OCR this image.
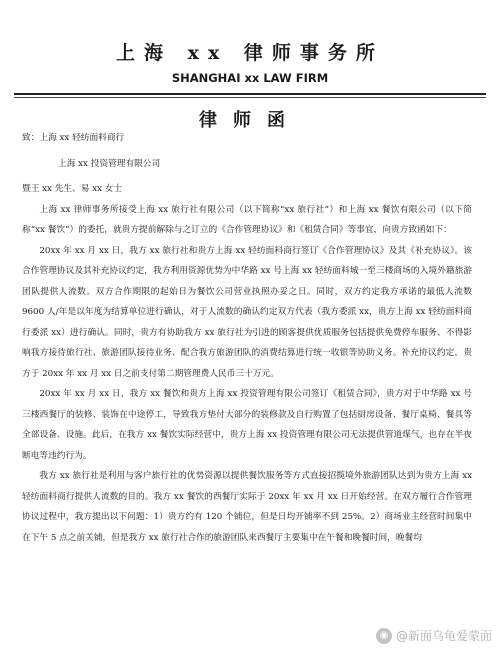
上海 xx 律师事务所
SHANGHAI xx LAW FIRM
律师函

致：上海 xx 轻纺面料商行

上海 xx 投资管理有限公司

暨王 xx 先生、易 xx 女士

上海 xx 律师事务所接受上海 xx 旅行社有限公司（以下简称“xx 旅行社”）和上海 xx 餐饮有限公司（以下简称“xx 餐饮”）的委托，就贵方提前解除与之订立的《合作管理协议》和《租赁合同》等事宜，向贵方致函如下：

20xx 年 xx 月 xx 日，我方 xx 旅行社和贵方上海 xx 轻纺面料商行签订《合作管理协议》及其《补充协议》。该合作管理协议及其补充协议约定，我方利用资源优势为中华路 xx 号上海 xx 轻纺面料城一至三楼商场的入境外籍旅游团队提供人流数。双方合作期限的起始日为餐饮公司营业执照办妥之日。同时，双方约定我方承诺的最低人流数 9600 人/年是以年度为结算单位进行确认，对于人流数的确认约定双方代表（我方委派 xx，贵方上海 xx 轻纺面料商行委派 xx）进行确认。同时，贵方有协助我方 xx 旅行社为引进的顾客提供优质服务包括提供免费停车服务、不得影响我方接待旅行社、旅游团队接待业务、配合我方旅游团队的消费结算进行统一收银等协助义务。补充协议约定，贵方于 20xx 年 xx 月 xx 日之前支付第二期管理费人民币三十万元。

20xx 年 xx 月 xx 日，我方 xx 餐饮和贵方上海 xx 投资管理有限公司签订《租赁合同》，贵方对于中华路 xx 号三楼西餐厅的装修、装饰在中途停工，导致我方垫付大部分的装修款及自行购置了包括厨房设备、餐厅桌椅、餐具等全部设备、设施。此后，在我方 xx 餐饮实际经营中，贵方上海 xx 投资管理有限公司无法提供管道煤气，也存在半夜断电等违约行为。

我方 xx 旅行社是利用与客户旅行社的优势资源以提供餐饮服务等方式直接招揽境外旅游团队达到为贵方上海 xx 轻纺面料商行提供人流数的目的。我方 xx 餐饮的西餐厅实际于 20xx 年 xx 月 xx 日开始经营。在双方履行合作管理协议过程中，我方提出以下问题：1）贵方约有 120 个铺位，但是日均开铺率不到 25%。2）商场业主经营时间集中在下午 5 点之前关铺，但是我方 xx 旅行社合作的旅游团队来西餐厅主要集中在午餐和晚餐时间，晚餐均

◉ @新面乌龟爱蒙面
